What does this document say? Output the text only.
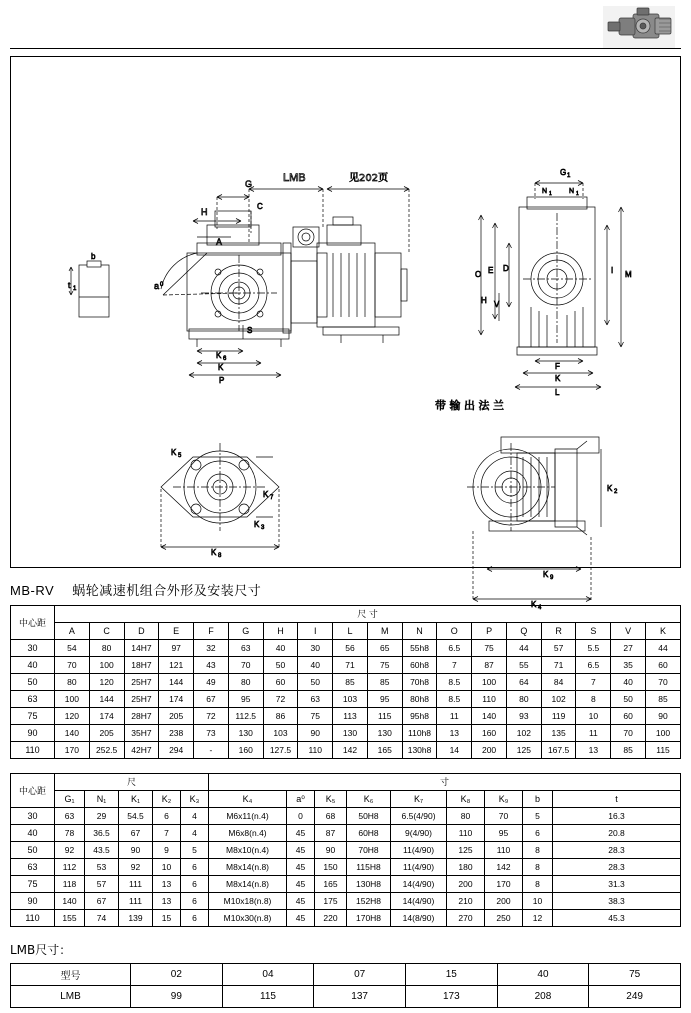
b
t 1	a 0
LMB	见202页
G
H
A
C
S
K 6
K
P
G 1
N 1 N 1
E D
O
H V
I M
F
K
L
带 输 出 法 兰
K 5
K 7
K 3
K 8
K 4
K 9
K 2
MB-RV 蜗轮减速机组合外形及安装尺寸
中心距	尺 寸																	
	A	C	D	E	F	G	H	I	L	M	N	O	P	Q	R	S	V	K
30	54	80	14H7	97	32	63	40	30	56	65	55h8	6.5	75	44	57	5.5	27	44
40	70	100	18H7	121	43	70	50	40	71	75	60h8	7	87	55	71	6.5	35	60
50	80	120	25H7	144	49	80	60	50	85	85	70h8	8.5	100	64	84	7	40	70
63	100	144	25H7	174	67	95	72	63	103	95	80h8	8.5	110	80	102	8	50	85
75	120	174	28H7	205	72	112.5	86	75	113	115	95h8	11	140	93	119	10	60	90
90	140	205	35H7	238	73	130	103	90	130	130	110h8	13	160	102	135	11	70	100
110	170	252.5	42H7	294	-	160	127.5	110	142	165	130h8	14	200	125	167.5	13	85	115
中心距	尺					寸								
	G₁	N₁	K₁	K₂	K₃	K₄	a⁰	K₅	K₆	K₇	K₈	K₉	b	t
30	63	29	54.5	6	4	M6x11(n.4)	0	68	50H8	6.5(4/90)	80	70	5	16.3
40	78	36.5	67	7	4	M6x8(n.4)	45	87	60H8	9(4/90)	110	95	6	20.8
50	92	43.5	90	9	5	M8x10(n.4)	45	90	70H8	11(4/90)	125	110	8	28.3
63	112	53	92	10	6	M8x14(n.8)	45	150	115H8	11(4/90)	180	142	8	28.3
75	118	57	111	13	6	M8x14(n.8)	45	165	130H8	14(4/90)	200	170	8	31.3
90	140	67	111	13	6	M10x18(n.8)	45	175	152H8	14(4/90)	210	200	10	38.3
110	155	74	139	15	6	M10x30(n.8)	45	220	170H8	14(8/90)	270	250	12	45.3
LMB尺寸：
型号	02	04	07	15	40	75
LMB	99	115	137	173	208	249
